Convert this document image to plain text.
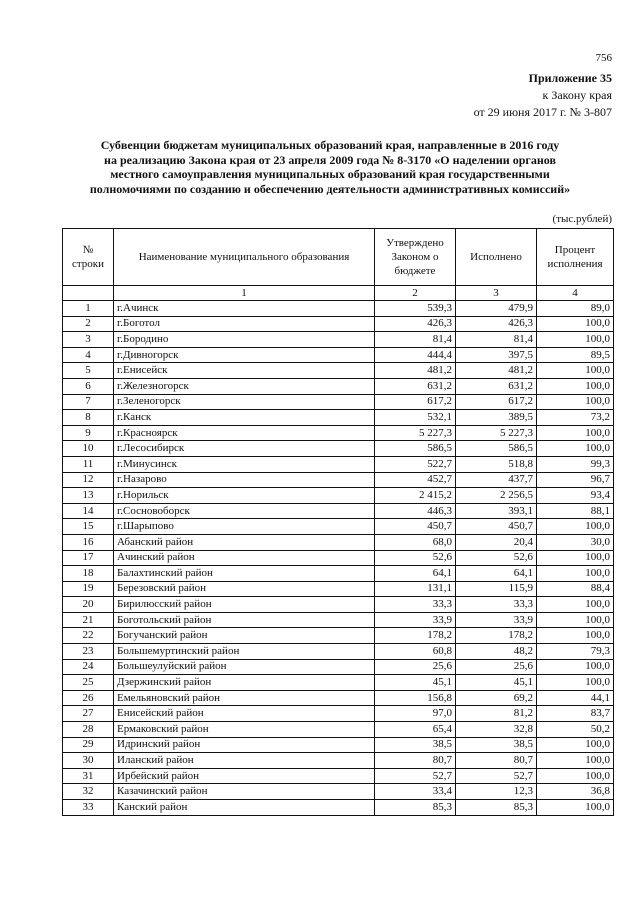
756
Приложение 35
к Закону края
от 29 июня 2017 г. № 3-807
Субвенции бюджетам муниципальных образований края, направленные в 2016 году
на реализацию Закона края от 23 апреля 2009 года № 8-3170 «О наделении органов
местного самоуправления муниципальных образований края государственными
полномочиями по созданию и обеспечению деятельности административных комиссий»
(тыс.рублей)
№ строки	Наименование муниципального образования	Утверждено Законом о бюджете	Исполнено	Процент исполнения
	1	2	3	4
1	г.Ачинск	539,3	479,9	89,0
2	г.Боготол	426,3	426,3	100,0
3	г.Бородино	81,4	81,4	100,0
4	г.Дивногорск	444,4	397,5	89,5
5	г.Енисейск	481,2	481,2	100,0
6	г.Железногорск	631,2	631,2	100,0
7	г.Зеленогорск	617,2	617,2	100,0
8	г.Канск	532,1	389,5	73,2
9	г.Красноярск	5 227,3	5 227,3	100,0
10	г.Лесосибирск	586,5	586,5	100,0
11	г.Минусинск	522,7	518,8	99,3
12	г.Назарово	452,7	437,7	96,7
13	г.Норильск	2 415,2	2 256,5	93,4
14	г.Сосновоборск	446,3	393,1	88,1
15	г.Шарыпово	450,7	450,7	100,0
16	Абанский район	68,0	20,4	30,0
17	Ачинский район	52,6	52,6	100,0
18	Балахтинский район	64,1	64,1	100,0
19	Березовский район	131,1	115,9	88,4
20	Бирилюсский район	33,3	33,3	100,0
21	Боготольский район	33,9	33,9	100,0
22	Богучанский район	178,2	178,2	100,0
23	Большемуртинский район	60,8	48,2	79,3
24	Большеулуйский район	25,6	25,6	100,0
25	Дзержинский район	45,1	45,1	100,0
26	Емельяновский район	156,8	69,2	44,1
27	Енисейский район	97,0	81,2	83,7
28	Ермаковский район	65,4	32,8	50,2
29	Идринский район	38,5	38,5	100,0
30	Иланский район	80,7	80,7	100,0
31	Ирбейский район	52,7	52,7	100,0
32	Казачинский район	33,4	12,3	36,8
33	Канский район	85,3	85,3	100,0
